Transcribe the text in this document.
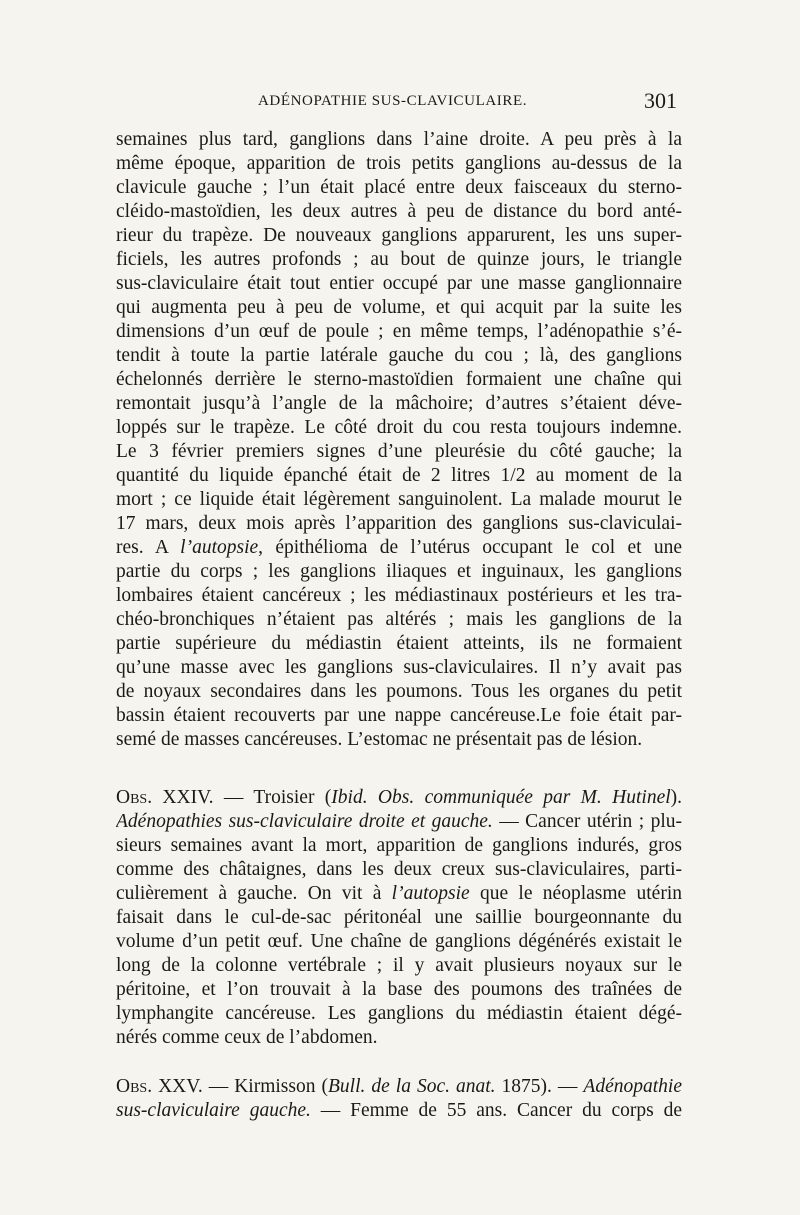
ADÉNOPATHIE SUS-CLAVICULAIRE.	301
semaines plus tard, ganglions dans l’aine droite. A peu près à la
même époque, apparition de trois petits ganglions au-dessus de la
clavicule gauche ; l’un était placé entre deux faisceaux du sterno-
cléido-mastoïdien, les deux autres à peu de distance du bord anté-
rieur du trapèze. De nouveaux ganglions apparurent, les uns super-
ficiels, les autres profonds ; au bout de quinze jours, le triangle
sus-claviculaire était tout entier occupé par une masse ganglionnaire
qui augmenta peu à peu de volume, et qui acquit par la suite les
dimensions d’un œuf de poule ; en même temps, l’adénopathie s’é-
tendit à toute la partie latérale gauche du cou ; là, des ganglions
échelonnés derrière le sterno-mastoïdien formaient une chaîne qui
remontait jusqu’à l’angle de la mâchoire; d’autres s’étaient déve-
loppés sur le trapèze. Le côté droit du cou resta toujours indemne.
Le 3 février premiers signes d’une pleurésie du côté gauche; la
quantité du liquide épanché était de 2 litres 1/2 au moment de la
mort ; ce liquide était légèrement sanguinolent. La malade mourut le
17 mars, deux mois après l’apparition des ganglions sus-claviculai-
res. A l’autopsie, épithélioma de l’utérus occupant le col et une
partie du corps ; les ganglions iliaques et inguinaux, les ganglions
lombaires étaient cancéreux ; les médiastinaux postérieurs et les tra-
chéo-bronchiques n’étaient pas altérés ; mais les ganglions de la
partie supérieure du médiastin étaient atteints, ils ne formaient
qu’une masse avec les ganglions sus-claviculaires. Il n’y avait pas
de noyaux secondaires dans les poumons. Tous les organes du petit
bassin étaient recouverts par une nappe cancéreuse.Le foie était par-
semé de masses cancéreuses. L’estomac ne présentait pas de lésion.
Obs. XXIV. — Troisier (Ibid. Obs. communiquée par M. Hutinel).
Adénopathies sus-claviculaire droite et gauche. — Cancer utérin ; plu-
sieurs semaines avant la mort, apparition de ganglions indurés, gros
comme des châtaignes, dans les deux creux sus-claviculaires, parti-
culièrement à gauche. On vit à l’autopsie que le néoplasme utérin
faisait dans le cul-de-sac péritonéal une saillie bourgeonnante du
volume d’un petit œuf. Une chaîne de ganglions dégénérés existait le
long de la colonne vertébrale ; il y avait plusieurs noyaux sur le
péritoine, et l’on trouvait à la base des poumons des traînées de
lymphangite cancéreuse. Les ganglions du médiastin étaient dégé-
nérés comme ceux de l’abdomen.
Obs. XXV. — Kirmisson (Bull. de la Soc. anat. 1875). — Adénopathie
sus-claviculaire gauche. — Femme de 55 ans. Cancer du corps de
